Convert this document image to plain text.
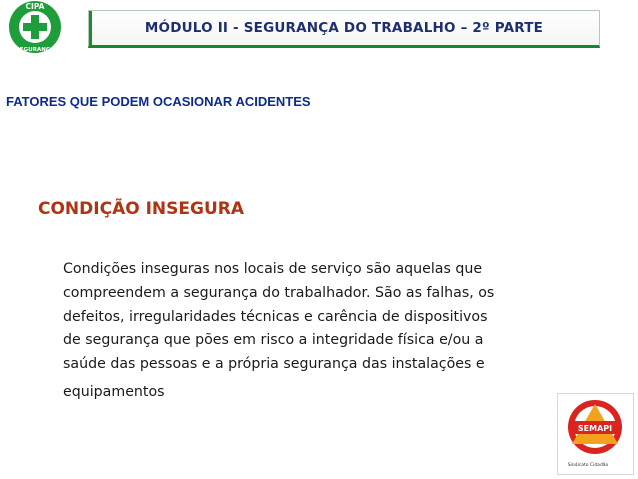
CIPA
SEGURANÇA
MÓDULO II - SEGURANÇA DO TRABALHO – 2º PARTE
FATORES QUE PODEM OCASIONAR ACIDENTES
CONDIÇÃO INSEGURA
Condições inseguras nos locais de serviço são aquelas que
compreendem a segurança do trabalhador. São as falhas, os
defeitos, irregularidades técnicas e carência de dispositivos
de segurança que pões em risco a integridade física e/ou a
saúde das pessoas e a própria segurança das instalações e
equipamentos
SEMAPI
Sindicato Cidadão
